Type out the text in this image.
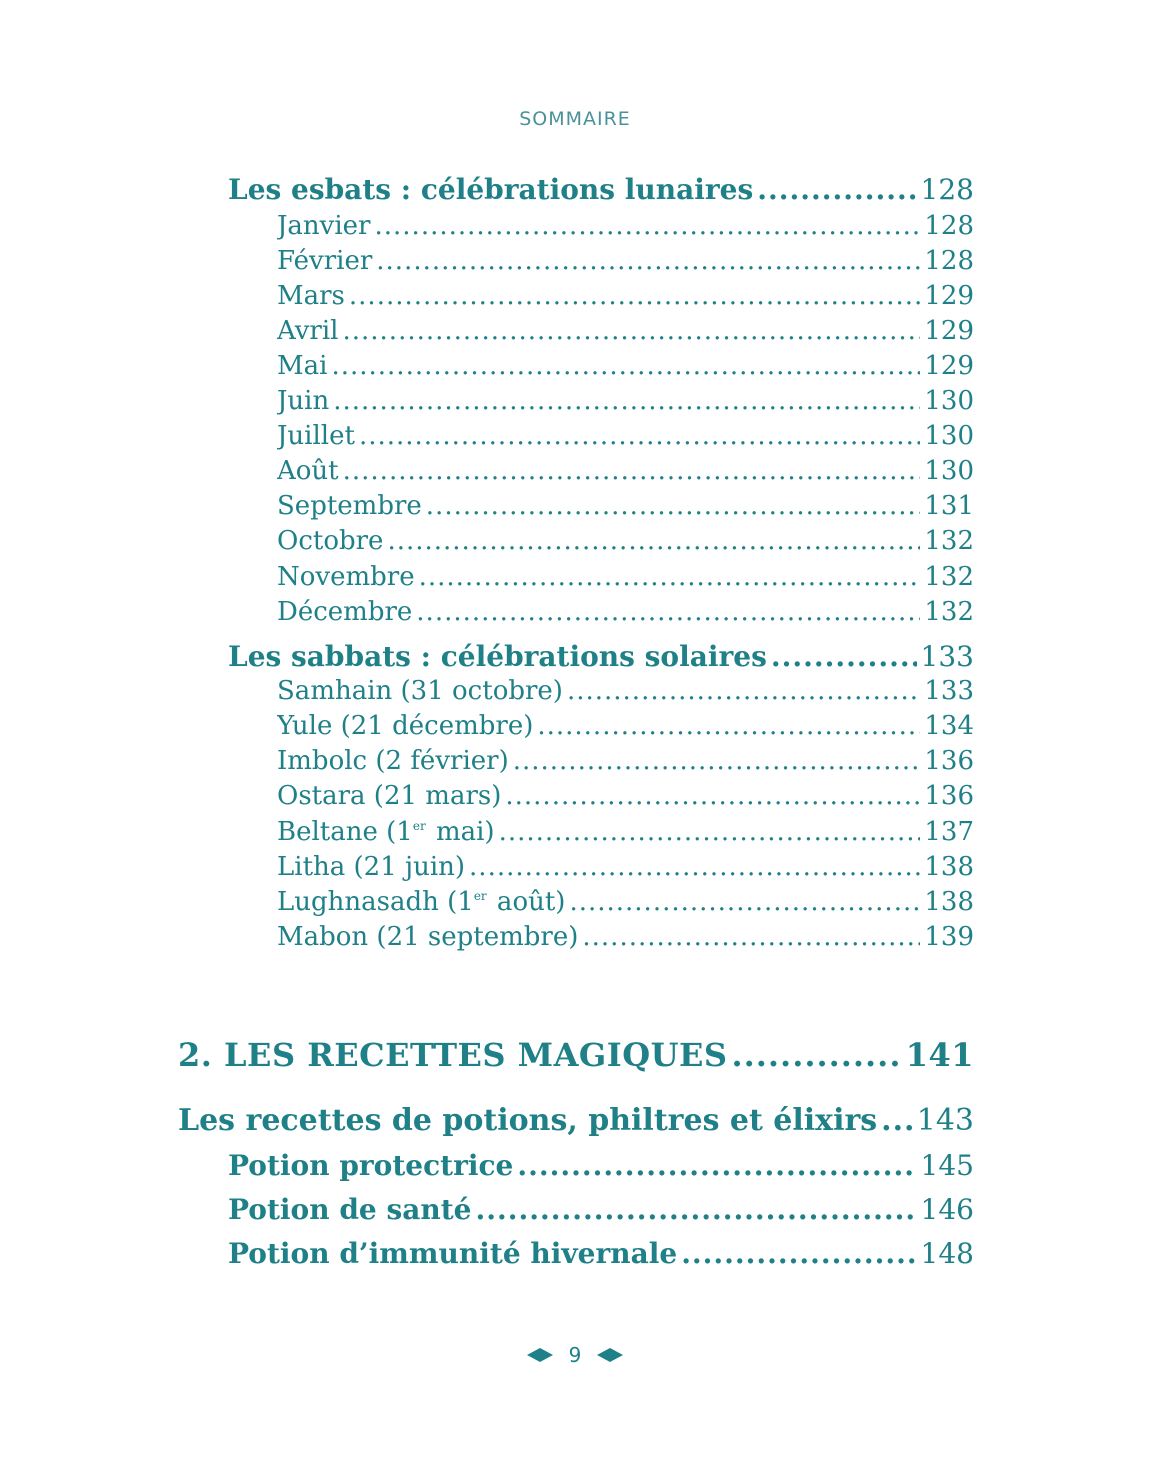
SOMMAIRE
Les esbats : célébrations lunaires .....	128
Janvier .....	128
Février .....	128
Mars .....	129
Avril .....	129
Mai .....	129
Juin .....	130
Juillet .....	130
Août .....	130
Septembre .....	131
Octobre .....	132
Novembre .....	132
Décembre .....	132
Les sabbats : célébrations solaires .....	133
Samhain (31 octobre) .....	133
Yule (21 décembre) .....	134
Imbolc (2 février) .....	136
Ostara (21 mars) .....	136
Beltane (1er mai) .....	137
Litha (21 juin) .....	138
Lughnasadh (1er août) .....	138
Mabon (21 septembre) .....	139
2. LES RECETTES MAGIQUES .....	141
Les recettes de potions, philtres et élixirs ..... 143
Potion protectrice .....	145
Potion de santé .....	146
Potion d’immunité hivernale .....	148
9
